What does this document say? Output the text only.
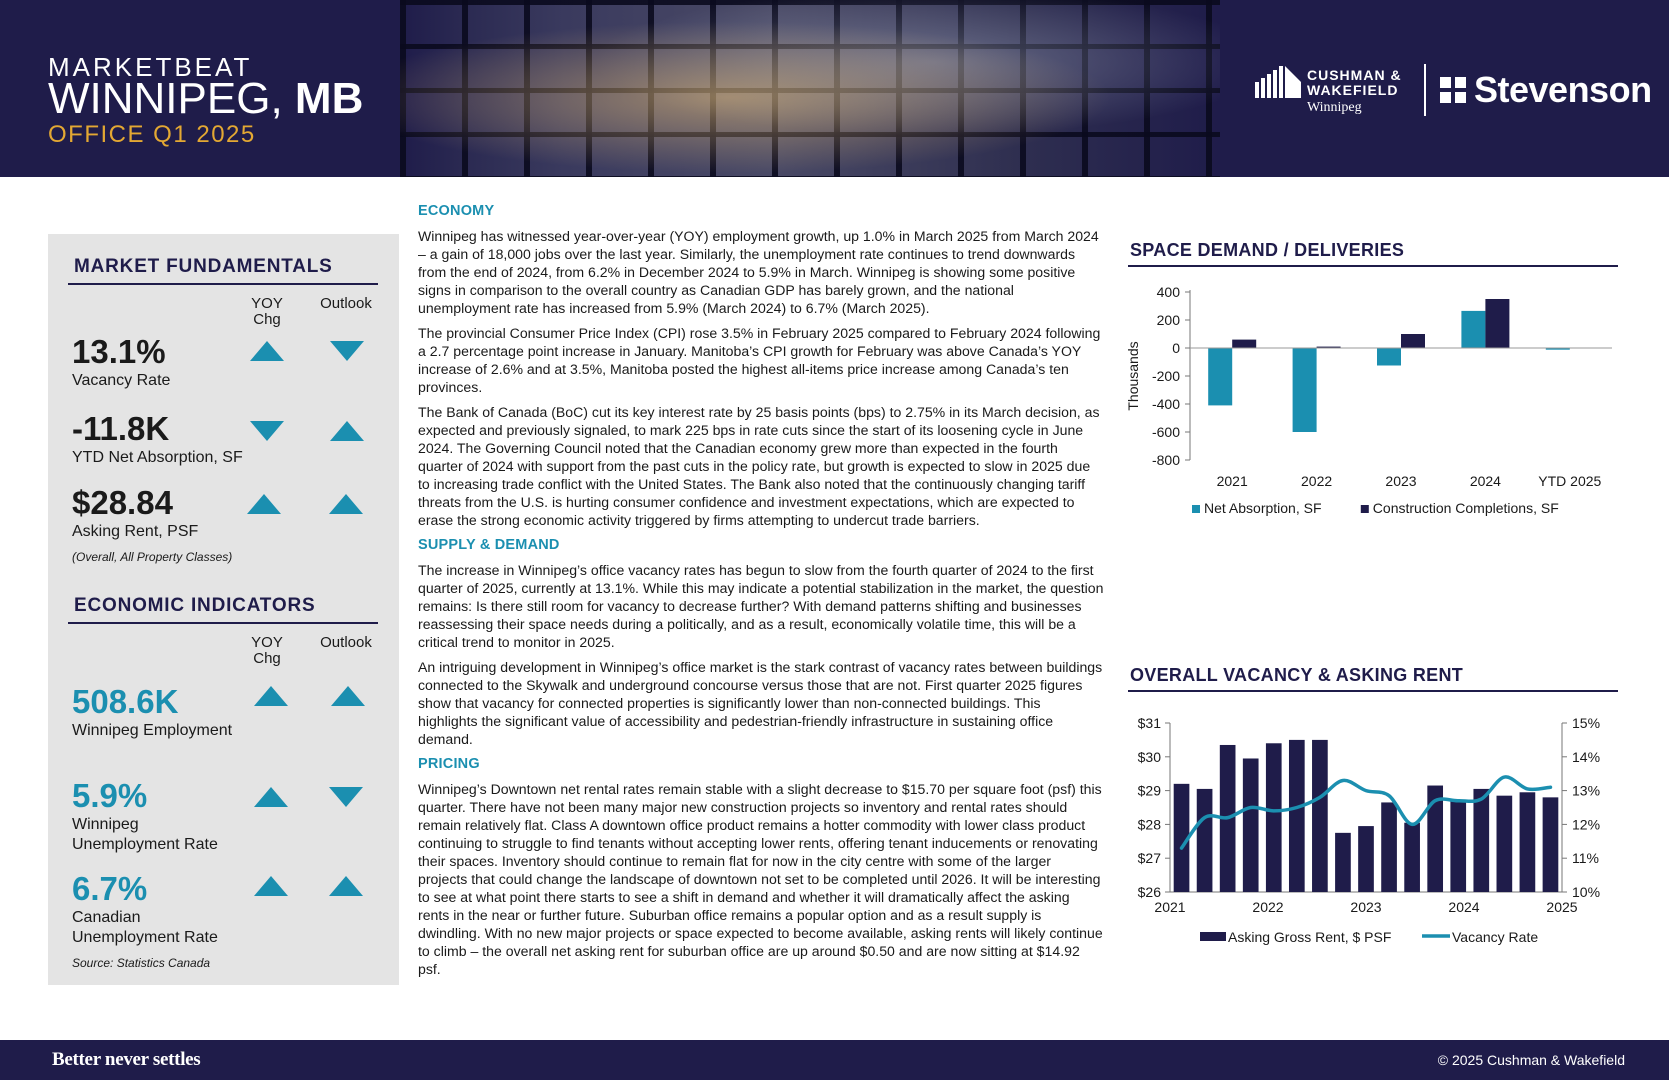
MARKETBEAT
WINNIPEG, MB
OFFICE Q1 2025
CUSHMAN &
WAKEFIELD
Winnipeg	Stevenson
MARKET FUNDAMENTALS
YOY
Chg
Outlook
13.1%
Vacancy Rate
-11.8K
YTD Net Absorption, SF
$28.84
Asking Rent, PSF
(Overall, All Property Classes)
ECONOMIC INDICATORS
YOY
Chg
Outlook
508.6K
Winnipeg Employment
5.9%
Winnipeg
Unemployment Rate
6.7%
Canadian
Unemployment Rate
Source: Statistics Canada
ECONOMY

Winnipeg has witnessed year-over-year (YOY) employment growth, up 1.0% in March 2025 from March 2024 – a gain of 18,000 jobs over the last year. Similarly, the unemployment rate continues to trend downwards from the end of 2024, from 6.2% in December 2024 to 5.9% in March. Winnipeg is showing some positive signs in comparison to the overall country as Canadian GDP has barely grown, and the national unemployment rate has increased from 5.9% (March 2024) to 6.7% (March 2025).

The provincial Consumer Price Index (CPI) rose 3.5% in February 2025 compared to February 2024 following a 2.7 percentage point increase in January. Manitoba’s CPI growth for February was above Canada’s YOY increase of 2.6% and at 3.5%, Manitoba posted the highest all-items price increase among Canada’s ten provinces.

The Bank of Canada (BoC) cut its key interest rate by 25 basis points (bps) to 2.75% in its March decision, as expected and previously signaled, to mark 225 bps in rate cuts since the start of its loosening cycle in June 2024. The Governing Council noted that the Canadian economy grew more than expected in the fourth quarter of 2024 with support from the past cuts in the policy rate, but growth is expected to slow in 2025 due to increasing trade conflict with the United States. The Bank also noted that the continuously changing tariff threats from the U.S. is hurting consumer confidence and investment expectations, which are expected to erase the strong economic activity triggered by firms attempting to undercut trade barriers.

SUPPLY & DEMAND

The increase in Winnipeg’s office vacancy rates has begun to slow from the fourth quarter of 2024 to the first quarter of 2025, currently at 13.1%. While this may indicate a potential stabilization in the market, the question remains: Is there still room for vacancy to decrease further? With demand patterns shifting and businesses reassessing their space needs during a politically, and as a result, economically volatile time, this will be a critical trend to monitor in 2025.

An intriguing development in Winnipeg’s office market is the stark contrast of vacancy rates between buildings connected to the Skywalk and underground concourse versus those that are not. First quarter 2025 figures show that vacancy for connected properties is significantly lower than non-connected buildings. This highlights the significant value of accessibility and pedestrian-friendly infrastructure in sustaining office demand.

PRICING

Winnipeg’s Downtown net rental rates remain stable with a slight decrease to $15.70 per square foot (psf) this quarter. There have not been many major new construction projects so inventory and rental rates should remain relatively flat. Class A downtown office product remains a hotter commodity with lower class product continuing to struggle to find tenants without accepting lower rents, offering tenant inducements or renovating their spaces. Inventory should continue to remain flat for now in the city centre with some of the larger projects that could change the landscape of downtown not set to be completed until 2026. It will be interesting to see at what point there starts to see a shift in demand and whether it will dramatically affect the asking rents in the near or further future. Suburban office remains a popular option and as a result supply is dwindling. With no new major projects or space expected to become available, asking rents will likely continue to climb – the overall net asking rent for suburban office are up around $0.50 and are now sitting at $14.92 psf.

SPACE DEMAND / DELIVERIES
400
200
0
-200
-400
-600
-800
Thousands
2021	2022	2023	2024	YTD 2025
Net Absorption, SF	Construction Completions, SF
OVERALL VACANCY & ASKING RENT
$31
$30
$29
$28
$27
$26
15%
14%
13%
12%
11%
10%
2021	2022	2023	2024	2025
Asking Gross Rent, $ PSF	Vacancy Rate
Better never settles	© 2025 Cushman & Wakefield
